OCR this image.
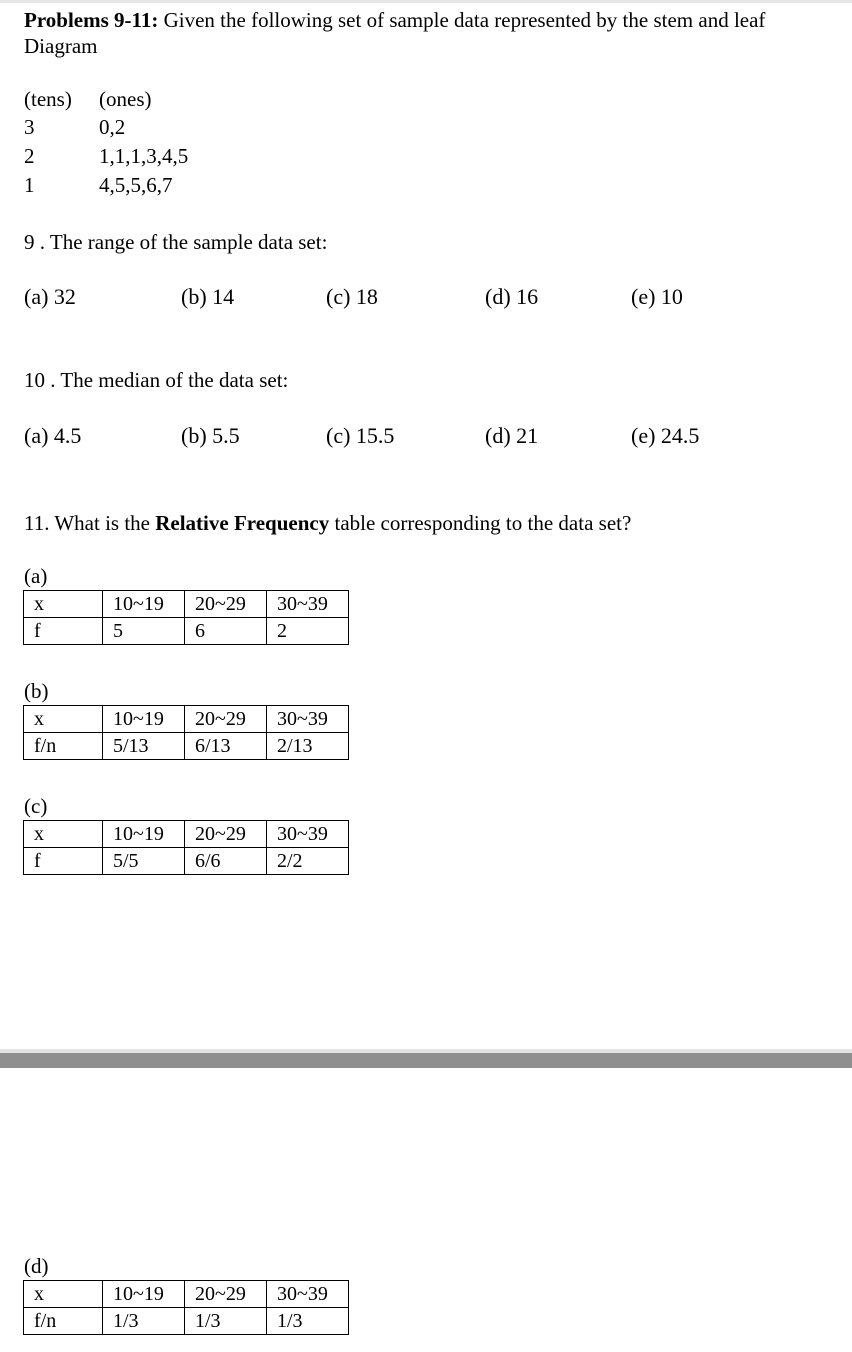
Problems 9-11: Given the following set of sample data represented by the stem and leaf
Diagram
(tens) (ones)
3	0,2
2	1,1,1,3,4,5
1	4,5,5,6,7
9 . The range of the sample data set:
(a) 32	(b) 14	(c) 18	(d) 16	(e) 10
10 . The median of the data set:
(a) 4.5	(b) 5.5	(c) 15.5	(d) 21	(e) 24.5
11. What is the Relative Frequency table corresponding to the data set?
(a)
x	10~19	20~29	30~39
f	5	6	2
(b)
x	10~19	20~29	30~39
f/n	5/13	6/13	2/13
(c)
x	10~19	20~29	30~39
f	5/5	6/6	2/2
(d)
x	10~19	20~29	30~39
f/n	1/3	1/3	1/3
